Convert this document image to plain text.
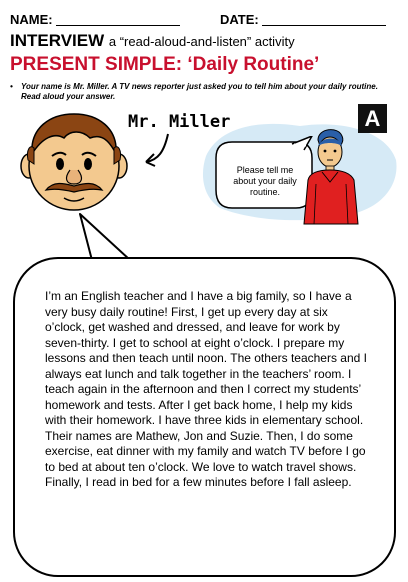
NAME:	DATE:
INTERVIEW a “read-aloud-and-listen” activity
PRESENT SIMPLE: ‘Daily Routine’
• Your name is Mr. Miller. A TV news reporter just asked you to tell him about your daily routine. Read aloud your answer.
Mr. Miller
Please tell me about your daily routine.
A
I’m an English teacher and I have a big family, so I have a very busy daily routine! First, I get up every day at six o’clock, get washed and dressed, and leave for work by seven-thirty. I get to school at eight o’clock. I prepare my lessons and then teach until noon. The others teachers and I always eat lunch and talk together in the teachers’ room. I teach again in the afternoon and then I correct my students’ homework and tests. After I get back home, I help my kids with their homework. I have three kids in elementary school. Their names are Mathew, Jon and Suzie. Then, I do some exercise, eat dinner with my family and watch TV before I go to bed at about ten o’clock. We love to watch travel shows. Finally, I read in bed for a few minutes before I fall asleep.
